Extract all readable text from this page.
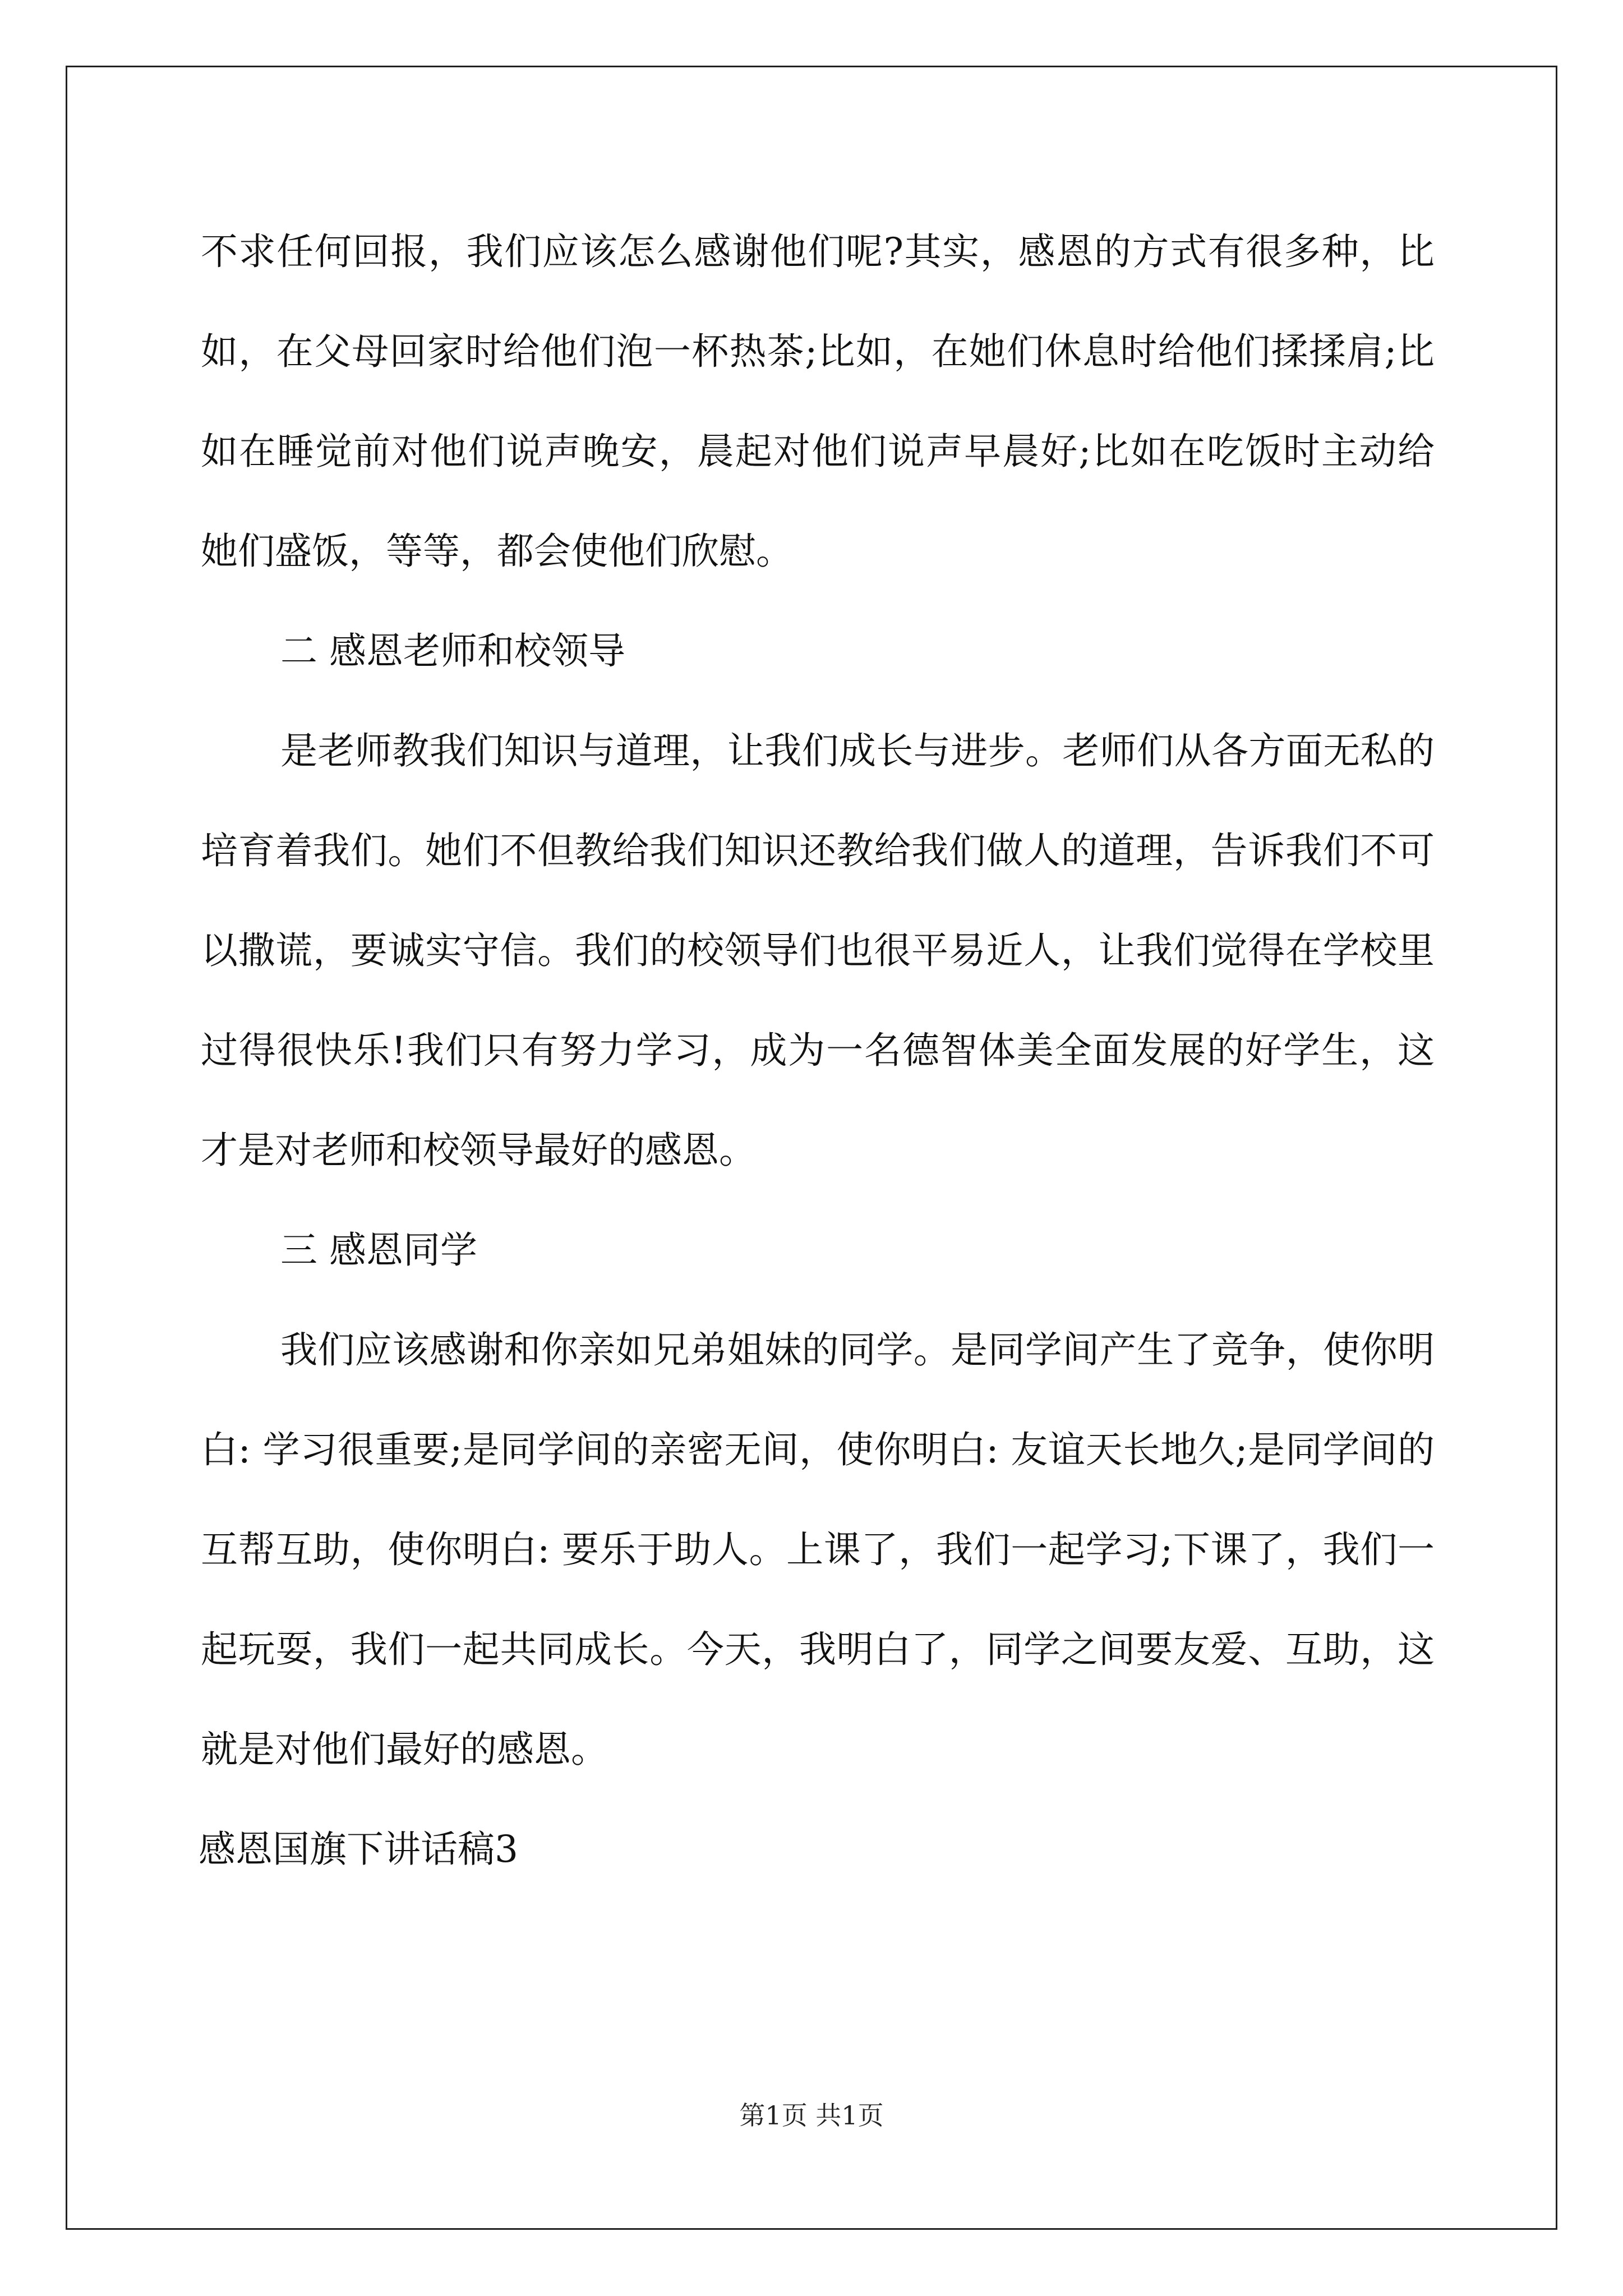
不求任何回报，我们应该怎么感谢他们呢?其实，感恩的方式有很多种，比如，在父母回家时给他们泡一杯热茶;比如，在她们休息时给他们揉揉肩;比如在睡觉前对他们说声晚安，晨起对他们说声早晨好;比如在吃饭时主动给她们盛饭，等等，都会使他们欣慰。

二 感恩老师和校领导

是老师教我们知识与道理，让我们成长与进步。老师们从各方面无私的培育着我们。她们不但教给我们知识还教给我们做人的道理，告诉我们不可以撒谎，要诚实守信。我们的校领导们也很平易近人，让我们觉得在学校里过得很快乐!我们只有努力学习，成为一名德智体美全面发展的好学生，这才是对老师和校领导最好的感恩。

三 感恩同学

我们应该感谢和你亲如兄弟姐妹的同学。是同学间产生了竞争，使你明白: 学习很重要;是同学间的亲密无间，使你明白: 友谊天长地久;是同学间的互帮互助，使你明白: 要乐于助人。上课了，我们一起学习;下课了，我们一起玩耍，我们一起共同成长。今天，我明白了，同学之间要友爱、互助，这就是对他们最好的感恩。

感恩国旗下讲话稿3

第1页 共1页
